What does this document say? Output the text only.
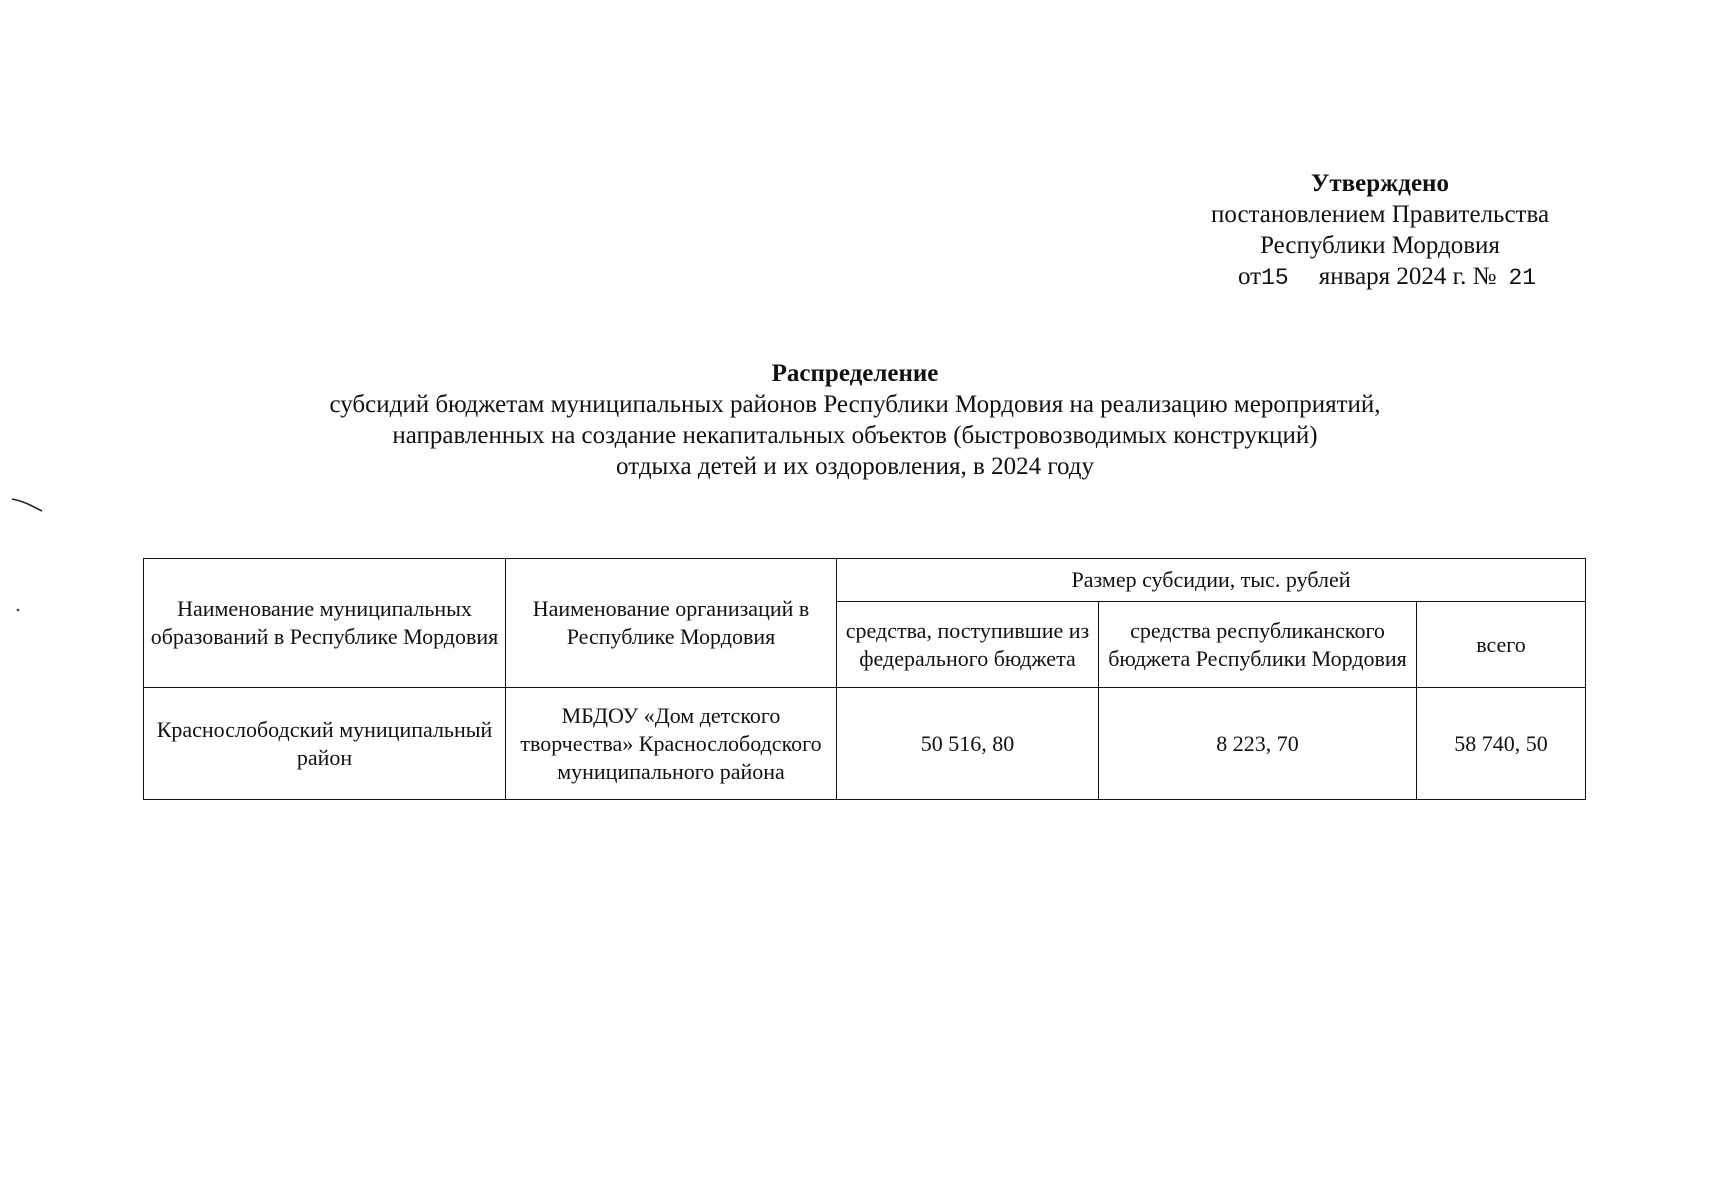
Утверждено
постановлением Правительства
Республики Мордовия
от15 января 2024 г. № 21
Распределение
субсидий бюджетам муниципальных районов Республики Мордовия на реализацию мероприятий,
направленных на создание некапитальных объектов (быстровозводимых конструкций)
отдыха детей и их оздоровления, в 2024 году
Наименование муниципальных образований в Республике Мордовия	Наименование организаций в Республике Мордовия	Размер субсидии, тыс. рублей		
		средства, поступившие из федерального бюджета	средства республиканского бюджета Республики Мордовия	всего
Краснослободский муниципальный район	МБДОУ «Дом детского творчества» Краснослободского муниципального района	50 516, 80	8 223, 70	58 740, 50
